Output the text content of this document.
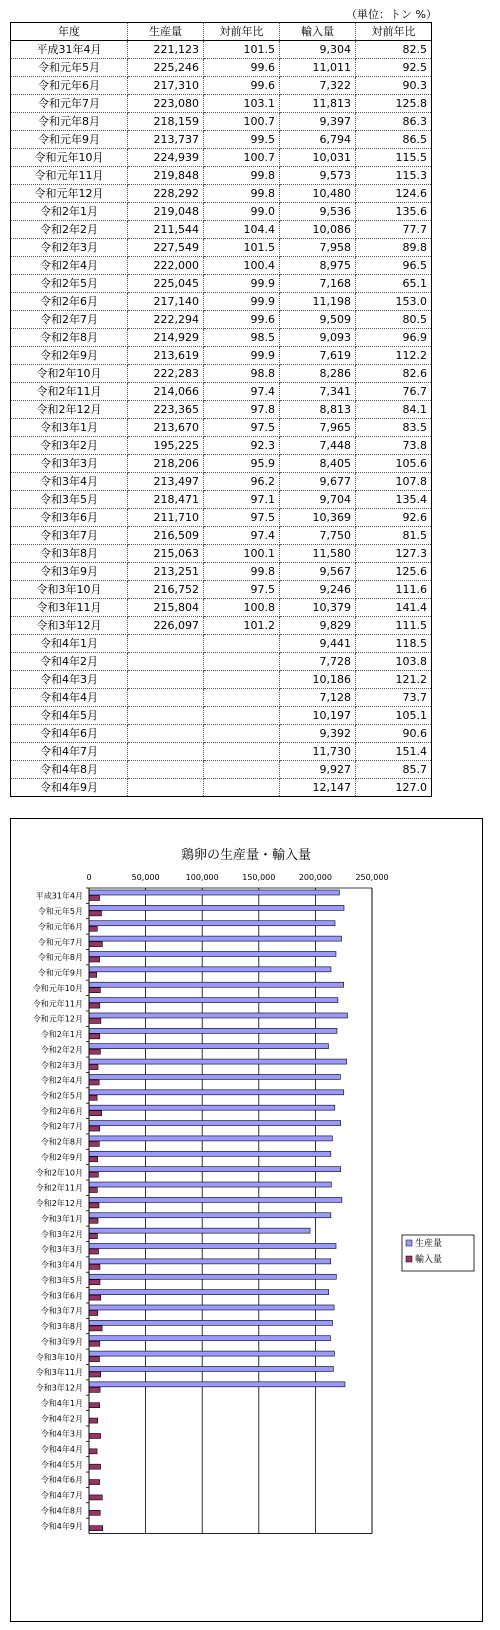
（単位：トン %）
年度	生産量	対前年比	輸入量	対前年比
平成31年4月	221,123	101.5	9,304	82.5
令和元年5月	225,246	99.6	11,011	92.5
令和元年6月	217,310	99.6	7,322	90.3
令和元年7月	223,080	103.1	11,813	125.8
令和元年8月	218,159	100.7	9,397	86.3
令和元年9月	213,737	99.5	6,794	86.5
令和元年10月	224,939	100.7	10,031	115.5
令和元年11月	219,848	99.8	9,573	115.3
令和元年12月	228,292	99.8	10,480	124.6
令和2年1月	219,048	99.0	9,536	135.6
令和2年2月	211,544	104.4	10,086	77.7
令和2年3月	227,549	101.5	7,958	89.8
令和2年4月	222,000	100.4	8,975	96.5
令和2年5月	225,045	99.9	7,168	65.1
令和2年6月	217,140	99.9	11,198	153.0
令和2年7月	222,294	99.6	9,509	80.5
令和2年8月	214,929	98.5	9,093	96.9
令和2年9月	213,619	99.9	7,619	112.2
令和2年10月	222,283	98.8	8,286	82.6
令和2年11月	214,066	97.4	7,341	76.7
令和2年12月	223,365	97.8	8,813	84.1
令和3年1月	213,670	97.5	7,965	83.5
令和3年2月	195,225	92.3	7,448	73.8
令和3年3月	218,206	95.9	8,405	105.6
令和3年4月	213,497	96.2	9,677	107.8
令和3年5月	218,471	97.1	9,704	135.4
令和3年6月	211,710	97.5	10,369	92.6
令和3年7月	216,509	97.4	7,750	81.5
令和3年8月	215,063	100.1	11,580	127.3
令和3年9月	213,251	99.8	9,567	125.6
令和3年10月	216,752	97.5	9,246	111.6
令和3年11月	215,804	100.8	10,379	141.4
令和3年12月	226,097	101.2	9,829	111.5
令和4年1月			9,441	118.5
令和4年2月			7,728	103.8
令和4年3月			10,186	121.2
令和4年4月			7,128	73.7
令和4年5月			10,197	105.1
令和4年6月			9,392	90.6
令和4年7月			11,730	151.4
令和4年8月			9,927	85.7
令和4年9月			12,147	127.0
鶏卵の生産量・輸入量
0	50,000	100,000	150,000	200,000	250,000
平成31年4月
令和元年5月
令和元年6月
令和元年7月
令和元年8月
令和元年9月
令和元年10月
令和元年11月
令和元年12月
令和2年1月
令和2年2月
令和2年3月
令和2年4月
令和2年5月
令和2年6月
令和2年7月
令和2年8月
令和2年9月
令和2年10月
令和2年11月
令和2年12月
令和3年1月
令和3年2月
令和3年3月
令和3年4月
令和3年5月
令和3年6月
令和3年7月
令和3年8月
令和3年9月
令和3年10月
令和3年11月
令和3年12月
令和4年1月
令和4年2月
令和4年3月
令和4年4月
令和4年5月
令和4年6月
令和4年7月
令和4年8月
令和4年9月
生産量
輸入量
